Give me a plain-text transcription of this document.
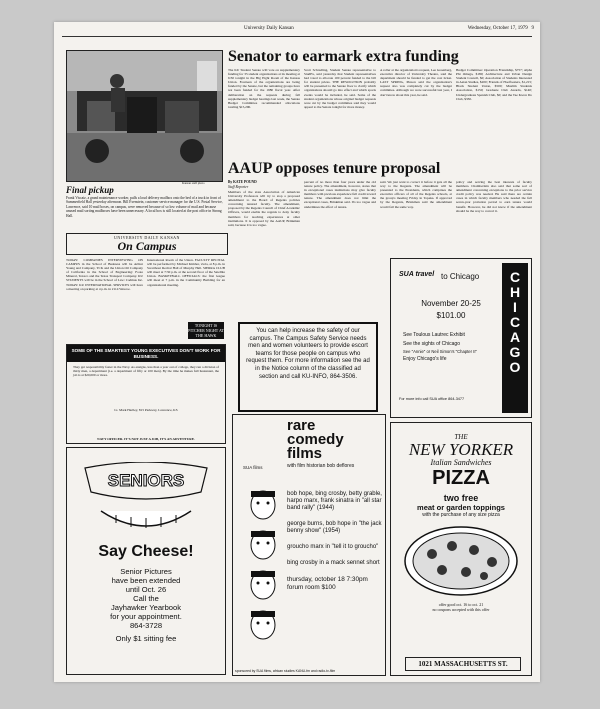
University Daily Kansan	Wednesday, October 17, 1979 9
Kansan staff photo
Final pickup
Frank Viscaiz, a grand maintenance worker, pulls a loud delivery mailbox onto the bed of a truck in front of Summerfield Hall yesterday afternoon. Bill Evenstein, customer service manager for the U.S. Postal Service, Lawrence, said 10 mail boxes, on campus, were removed because of so low volume of mail and because unused mail sorting mailboxes have been unnecessary. A local box is still located at the post office in Strong Hall.
Senator to earmark extra funding
The KU Student Senate will vote on supplementary funding for 35 student organizations at its meeting at 6:30 tonight in the Big Eight Room of the Kansas Union. Fourteen of the organizations are being funded by the Senate, but the remaining groups have not been funded for the 1980 fiscal year. After deliberation on the requests during fall supplementary budget hearings last week, the Senate Budget Committee recommended allocations totaling $15,290.
Scott Schradling, Student Senate representative to StudEx, said yesterday that Student representatives had voted to allocate 100 percent funded to the bill for student prizes. THE RESOLUTION probably will be presented to the Senate floor to clarify which organizations should go into effect and which sports events would be included, he said. Some of the student organizations whose original budget requests were cut by the budget committee said they would appeal to the Senate tonight for more money.
A roller at the organization's request, Lee Greenberg, executive director of University Theatre, said the department should be funded to get the cost ticket. LAST SPRING, Pinson said the organization's request also was completely cut by the budget committee. Although we were successful last year, I don't know about this year, he said.
Budget Committee: Operation Friendship, $757; Alpha Phi Omega, $180; Architecture and Urban Design Student Council, $0; Association of Students Interested in Asian Studies, $200; Friends of Hoofbeaters, $1,215; Black Student Union, $500; Muslim Students Association, $150; Graduate Club Awards, $140; Undergraduate Spanish Club, $0; and the Tae Kwon Do Club, $330.
AAUP opposes tenure proposal
By KATE POUND
Staff Reporter
Members of the state Association of American University Professors will try to stop a proposed amendment to the Board of Regents policies concerning tenured faculty. The amendment, proposed by the Regents Council of Chief Academic Officers, would enable the regents to deny faculty members for teaching experiences at other institutions. It is opposed by the AAUP, Brinkman said, because it is too vague.
percent of no more than four years under the old tenure policy. The amendment, however, states that in exceptional cases institutions may give faculty members with previous experience full credit toward tenure. The amendment does not limit the exceptional cases, Brinkman said. It's too vague and undermines the effect of tenure.
said. We just want to correct it before it gets all the way to the Regents. The amendment will be presented to the Presidents, which comprises the executive officers of all of the Regents schools, at the group's meeting Friday in Topeka. If approved by the Regents, Brinkman said the amendment would fail the same way.
policy and serving the best interests of faculty members. Chamberlain also said that some sort of amendment concerning exceptions to the prior service credit policy was needed. He said there are certain cases in which faculty members who needed the full seven-year probation period to earn tenure would benefit. However, he did not know if the amendment should be the way to correct it.
UNIVERSITY DAILY KANSAN
On Campus
TODAY: COMPANIES INTERVIEWING ON CAMPUS in the School of Business will be Arthur Young and Company, TCK and the Union Oil Company of California in the School of Engineering: Foote Mineral, Texaco and the Texas Transport Company. KU STUDENTS will be in the School of Law: Cadmus Inc. TODAY: KU INTERNATIONAL SERVICES will have a meeting on parking at 4 p.m. in 2114 Wescoe.
International Room of the Union. FACULTY RECITAL will be performed by Michael Kimber, viola, at 8 p.m. in Swarthout Recital Hall of Murphy Hall. SIERRA CLUB will meet at 7:30 p.m. at the second floor of the Satellite Union. BASKETBALL OFFICIALS: the first league will meet at 7 p.m. in the Community Building for an organizational meeting.
TONIGHT IS PITCHER NIGHT AT THE HAWK
SOME OF THE SMARTEST YOUNG EXECUTIVES DON'T WORK FOR BUSINESS.
They get responsibility faster in the Navy. As ensigns, less than a year out of college, they run a division of thirty men, a department (i.e. a department of fifty or 100 men). By the time he makes full lieutenant, the job is at $20,000 or more.
Lt. Mark Hartley, 815 Parkway, Lawrence, KS
NAVY OFFICER. IT'S NOT JUST A JOB, IT'S AN ADVENTURE.
SENIORS
Say Cheese!
Senior Pictures
have been extended
until Oct. 26
Call the
Jayhawker Yearbook
for your appointment.
864-3728
Only $1 sitting fee
You can help increase the safety of our campus. The Campus Safety Service needs men and women volunteers to provide escort teams for those people on campus who request them. For more information see the ad in the Notice column of the classified ad section and call KU-INFO, 864-3506.
SUA films
rare
comedy
films
with film historian bob deflores
bob hope, bing crosby, betty grable, harpo marx, frank sinatra in "all star band rally" (1944)
george burns, bob hope in "the jack benny show" (1954)
groucho marx in "tell it to groucho"
bing crosby in a mack sennet short
thursday, october 18 7:30pm
forum room $100
sponsored by SUA films, african studies KANU-fm and radio-tv-film
SUA travel to Chicago
November 20-25
$101.00
See Toulous Lautrec Exhibit
See the sights of Chicago
See "Annie" or Neil Simon's "Chapter II"
Enjoy Chicago's life
For more info call SUA office 864-3477
CHICAGO
THE
NEW YORKER
Italian Sandwiches
PIZZA
two free
meat or garden toppings
with the purchase of any size pizza
offer good oct. 16 to oct. 21
no coupons accepted with this offer
1021 MASSACHUSETTS ST.
